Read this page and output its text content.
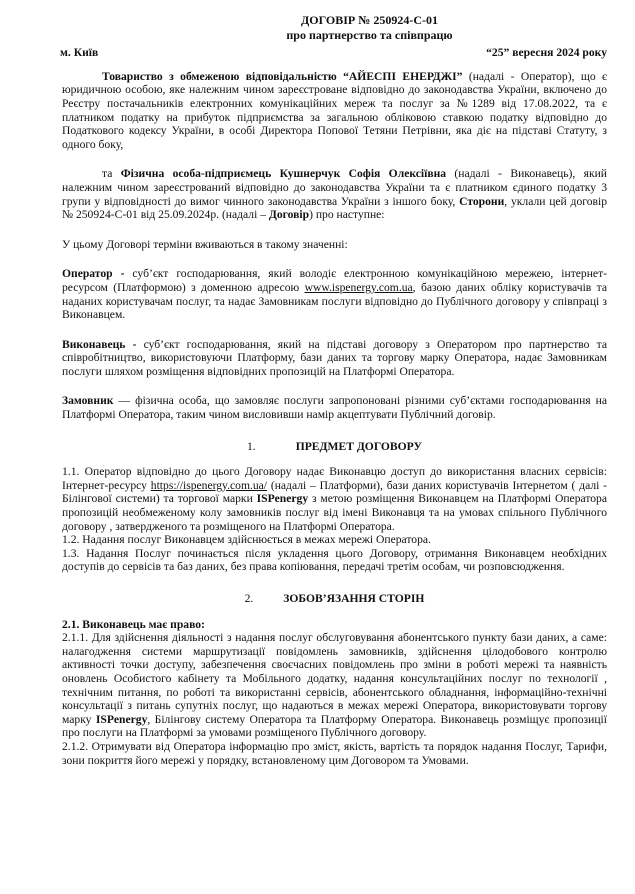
ДОГОВІР № 250924-С-01
про партнерство та співпрацю
м. Київ	“25” вересня 2024 року

Товариство з обмеженою відповідальністю “АЙЕСПІ ЕНЕРДЖІ” (надалі - Оператор), що є юридичною особою, яке належним чином зареєстроване відповідно до законодавства України, включено до Реєстру постачальників електронних комунікаційних мереж та послуг за №1289 від 17.08.2022, та є платником податку на прибуток підприємства за загальною обліковою ставкою податку відповідно до Податкового кодексу України, в особі Директора Попової Тетяни Петрівни, яка діє на підставі Статуту, з одного боку,

та Фізична особа-підприємець Кушнерчук Софія Олексіївна (надалі - Виконавець), який належним чином зареєстрований відповідно до законодавства України та є платником єдиного податку 3 групи у відповідності до вимог чинного законодавства України з іншого боку, Сторони, уклали цей договір № 250924-С-01 від 25.09.2024р. (надалі – Договір) про наступне:

У цьому Договорі терміни вживаються в такому значенні:

Оператор - суб’єкт господарювання, який володіє електронною комунікаційною мережею, інтернет-ресурсом (Платформою) з доменною адресою www.ispenergy.com.ua, базою даних обліку користувачів та наданих користувачам послуг, та надає Замовникам послуги відповідно до Публічного договору у співпраці з Виконавцем.

Виконавець - суб’єкт господарювання, який на підставі договору з Оператором про партнерство та співробітництво, використовуючи Платформу, бази даних та торгову марку Оператора, надає Замовникам послуги шляхом розміщення відповідних пропозицій на Платформі Оператора.

Замовник — фізична особа, що замовляє послуги запропоновані різними суб’єктами господарювання на Платформі Оператора, таким чином висловивши намір акцептувати Публічний договір.

1.	ПРЕДМЕТ ДОГОВОРУ

1.1. Оператор відповідно до цього Договору надає Виконавцю доступ до використання власних сервісів: Інтернет-ресурсу https://ispenergy.com.ua/ (надалі – Платформи), бази даних користувачів Інтернетом ( далі - Білінгової системи) та торгової марки ISPenergy з метою розміщення Виконавцем на Платформі Оператора пропозицій необмеженому колу замовників послуг від імені Виконавця та на умовах спільного Публічного договору , затвердженого та розміщеного на Платформі Оператора.

1.2. Надання послуг Виконавцем здійснюється в межах мережі Оператора.

1.3. Надання Послуг починається після укладення цього Договору, отримання Виконавцем необхідних доступів до сервісів та баз даних, без права копіювання, передачі третім особам, чи розповсюдження.

2.	ЗОБОВ’ЯЗАННЯ СТОРІН

2.1. Виконавець має право:

2.1.1. Для здійснення діяльності з надання послуг обслуговування абонентського пункту бази даних, а саме: налагодження системи маршрутизації повідомлень замовників, здійснення цілодобового контролю активності точки доступу, забезпечення своєчасних повідомлень про зміни в роботі мережі та наявність оновлень Особистого кабінету та Мобільного додатку, надання консультаційних послуг по технології , технічним питання, по роботі та використанні сервісів, абонентського обладнання, інформаційно-технічні консультації з питань супутніх послуг, що надаються в межах мережі Оператора, використовувати торгову марку ISPenergy, Білінгову систему Оператора та Платформу Оператора. Виконавець розміщує пропозиції про послуги на Платформі за умовами розміщеного Публічного договору.

2.1.2. Отримувати від Оператора інформацію про зміст, якість, вартість та порядок надання Послуг, Тарифи, зони покриття його мережі у порядку, встановленому цим Договором та Умовами.
